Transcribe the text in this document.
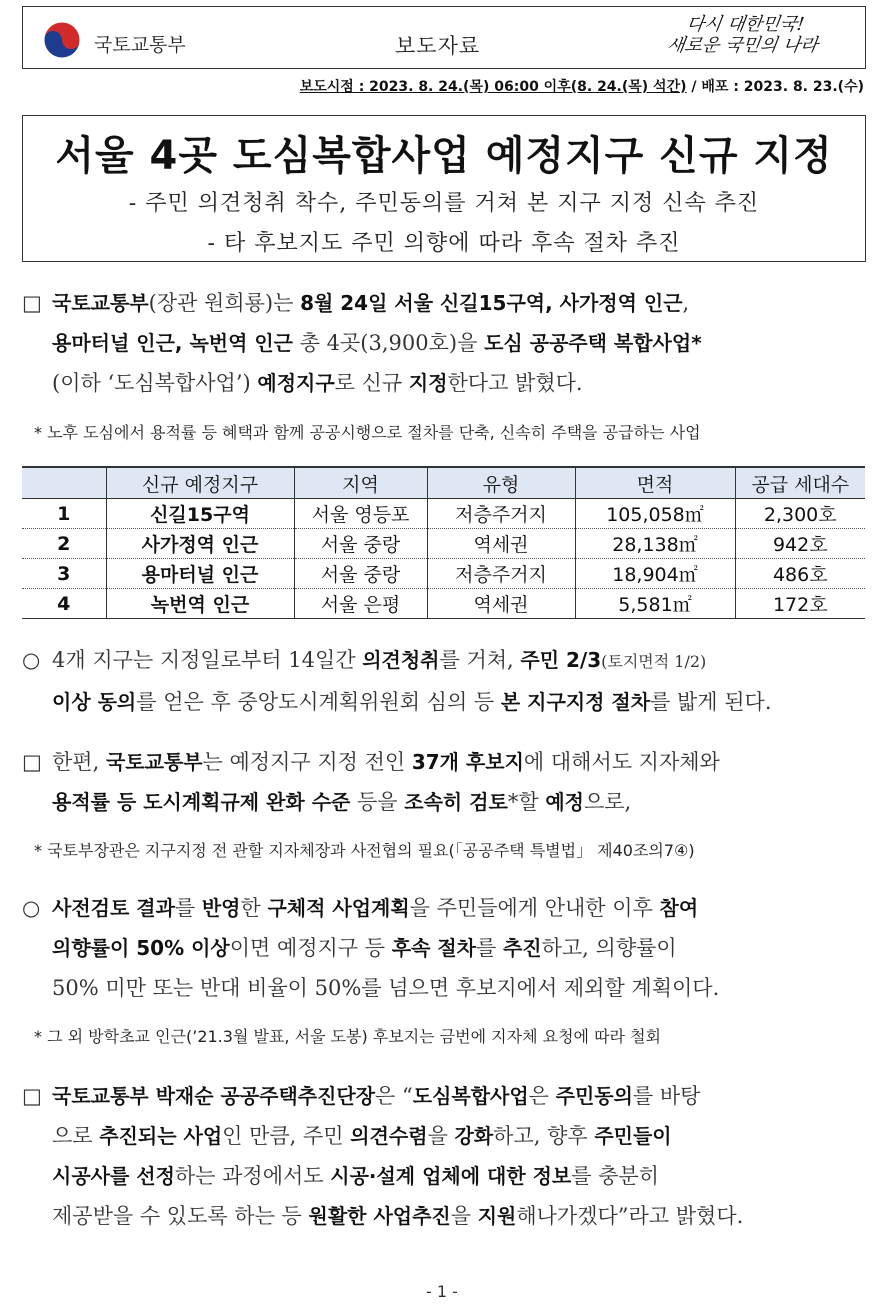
국토교통부	보도자료
다시 대한민국!
새로운 국민의 나라
보도시점 : 2023. 8. 24.(목) 06:00 이후(8. 24.(목) 석간) / 배포 : 2023. 8. 23.(수)
서울 4곳 도심복합사업 예정지구 신규 지정
- 주민 의견청취 착수, 주민동의를 거쳐 본 지구 지정 신속 추진
- 타 후보지도 주민 의향에 따라 후속 절차 추진
□ 국토교통부(장관 원희룡)는 8월 24일 서울 신길15구역, 사가정역 인근,
용마터널 인근, 녹번역 인근 총 4곳(3,900호)을 도심 공공주택 복합사업*
(이하 ‘도심복합사업’) 예정지구로 신규 지정한다고 밝혔다.
* 노후 도심에서 용적률 등 혜택과 함께 공공시행으로 절차를 단축, 신속히 주택을 공급하는 사업
	신규 예정지구	지역	유형	면적	공급 세대수
1	신길15구역	서울 영등포	저층주거지	105,058㎡	2,300호
2	사가정역 인근	서울 중랑	역세권	28,138㎡	942호
3	용마터널 인근	서울 중랑	저층주거지	18,904㎡	486호
4	녹번역 인근	서울 은평	역세권	5,581㎡	172호
○ 4개 지구는 지정일로부터 14일간 의견청취를 거쳐, 주민 2/3(토지면적 1/2)
이상 동의를 얻은 후 중앙도시계획위원회 심의 등 본 지구지정 절차를 밟게 된다.
□ 한편, 국토교통부는 예정지구 지정 전인 37개 후보지에 대해서도 지자체와
용적률 등 도시계획규제 완화 수준 등을 조속히 검토*할 예정으로,
* 국토부장관은 지구지정 전 관할 지자체장과 사전협의 필요(「공공주택 특별법」 제40조의7④)
○ 사전검토 결과를 반영한 구체적 사업계획을 주민들에게 안내한 이후 참여
의향률이 50% 이상이면 예정지구 등 후속 절차를 추진하고, 의향률이
50% 미만 또는 반대 비율이 50%를 넘으면 후보지에서 제외할 계획이다.
* 그 외 방학초교 인근(’21.3월 발표, 서울 도봉) 후보지는 금번에 지자체 요청에 따라 철회
□ 국토교통부 박재순 공공주택추진단장은 “도심복합사업은 주민동의를 바탕
으로 추진되는 사업인 만큼, 주민 의견수렴을 강화하고, 향후 주민들이
시공사를 선정하는 과정에서도 시공·설계 업체에 대한 정보를 충분히
제공받을 수 있도록 하는 등 원활한 사업추진을 지원해나가겠다”라고 밝혔다.
- 1 -
